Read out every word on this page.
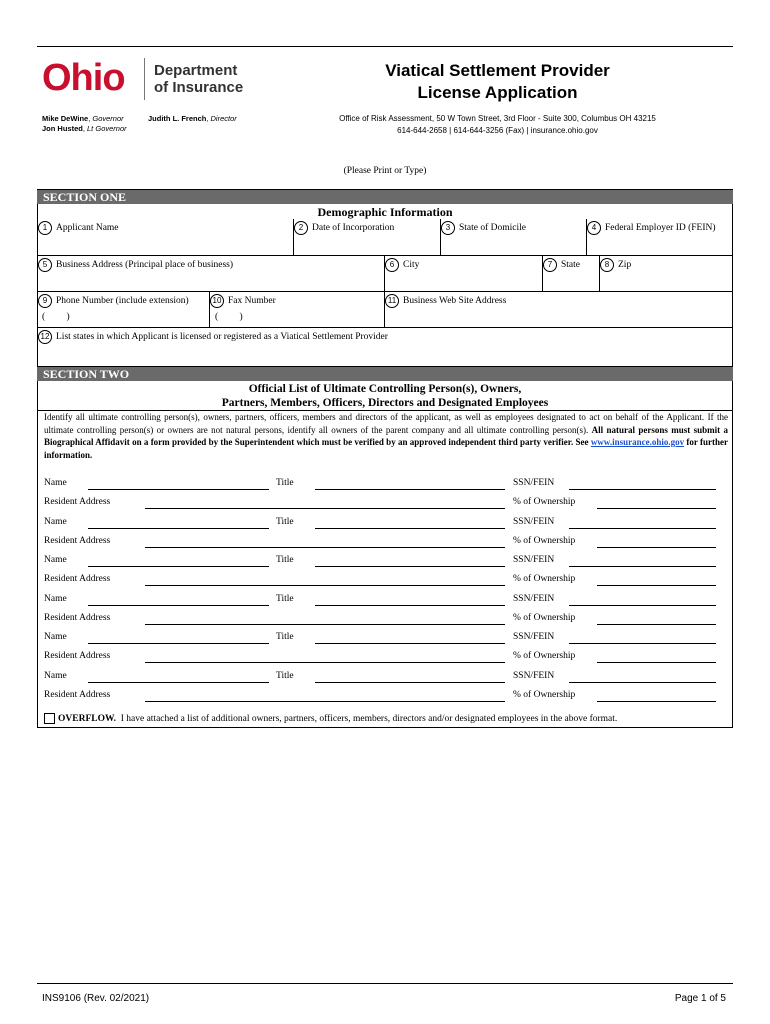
Ohio Department
of Insurance
Mike DeWine, Governor
Jon Husted, Lt Governor
Judith L. French, Director
Viatical Settlement Provider
License Application
Office of Risk Assessment, 50 W Town Street, 3rd Floor - Suite 300, Columbus OH 43215
614-644-2658 | 614-644-3256 (Fax) | insurance.ohio.gov
(Please Print or Type)
SECTION ONE
Demographic Information
1 Applicant Name	2 Date of Incorporation	3 State of Domicile	4 Federal Employer ID (FEIN)
5 Business Address (Principal place of business)	6 City	7 State	8 Zip
9 Phone Number (include extension)	10 Fax Number	11 Business Web Site Address
(         )	(         )
12 List states in which Applicant is licensed or registered as a Viatical Settlement Provider
SECTION TWO
Official List of Ultimate Controlling Person(s), Owners,
Partners, Members, Officers, Directors and Designated Employees
Identify all ultimate controlling person(s), owners, partners, officers, members and directors of the applicant, as well as employees designated to act on behalf of the Applicant. If the ultimate controlling person(s) or owners are not natural persons, identify all owners of the parent company and all ultimate controlling person(s). All natural persons must submit a Biographical Affidavit on a form provided by the Superintendent which must be verified by an approved independent third party verifier. See www.insurance.ohio.gov for further information.
Name	Title	SSN/FEIN
Resident Address	% of Ownership
Name	Title	SSN/FEIN
Resident Address	% of Ownership
Name	Title	SSN/FEIN
Resident Address	% of Ownership
Name	Title	SSN/FEIN
Resident Address	% of Ownership
Name	Title	SSN/FEIN
Resident Address	% of Ownership
Name	Title	SSN/FEIN
Resident Address	% of Ownership
OVERFLOW.
I have attached a list of additional owners, partners, officers, members, directors and/or designated employees in the above format.
INS9106 (Rev. 02/2021)	Page 1 of 5
